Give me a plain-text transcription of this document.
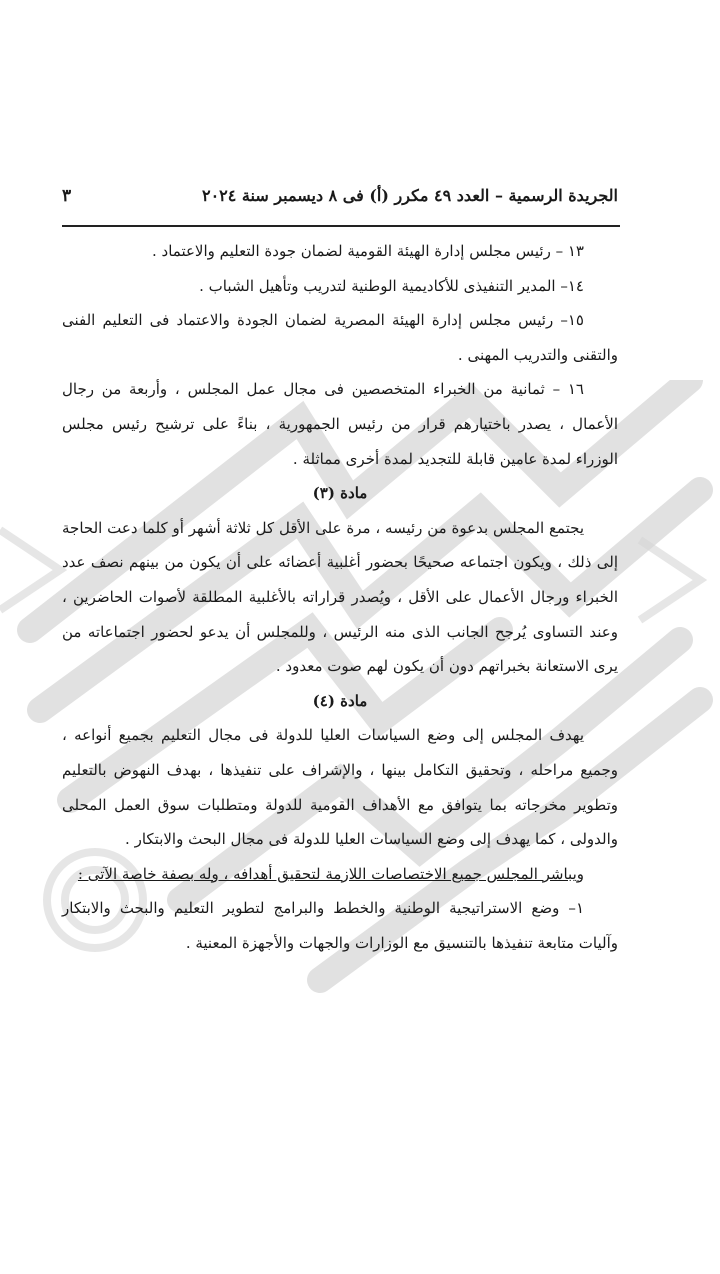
الجريدة الرسمية – العدد ٤٩ مكرر (أ) فى ٨ ديسمبر سنة ٢٠٢٤
٣

١٣ – رئيس مجلس إدارة الهيئة القومية لضمان جودة التعليم والاعتماد .

١٤– المدير التنفيذى للأكاديمية الوطنية لتدريب وتأهيل الشباب .

١٥– رئيس مجلس إدارة الهيئة المصرية لضمان الجودة والاعتماد فى التعليم الفنى والتقنى والتدريب المهنى .

١٦ – ثمانية من الخبراء المتخصصين فى مجال عمل المجلس ، وأربعة من رجال الأعمال ، يصدر باختيارهم قرار من رئيس الجمهورية ، بناءً على ترشيح رئيس مجلس الوزراء لمدة عامين قابلة للتجديد لمدة أخرى مماثلة .

مادة (٣)

يجتمع المجلس بدعوة من رئيسه ، مرة على الأقل كل ثلاثة أشهر أو كلما دعت الحاجة إلى ذلك ، ويكون اجتماعه صحيحًا بحضور أغلبية أعضائه على أن يكون من بينهم نصف عدد الخبراء ورجال الأعمال على الأقل ، ويُصدر قراراته بالأغلبية المطلقة لأصوات الحاضرين ، وعند التساوى يُرجح الجانب الذى منه الرئيس ، وللمجلس أن يدعو لحضور اجتماعاته من يرى الاستعانة بخبراتهم دون أن يكون لهم صوت معدود .

مادة (٤)

يهدف المجلس إلى وضع السياسات العليا للدولة فى مجال التعليم بجميع أنواعه ، وجميع مراحله ، وتحقيق التكامل بينها ، والإشراف على تنفيذها ، بهدف النهوض بالتعليم وتطوير مخرجاته بما يتوافق مع الأهداف القومية للدولة ومتطلبات سوق العمل المحلى والدولى ، كما يهدف إلى وضع السياسات العليا للدولة فى مجال البحث والابتكار .

ويباشر المجلس جميع الاختصاصات اللازمة لتحقيق أهدافه ، وله بصفة خاصة الآتى :

١– وضع الاستراتيجية الوطنية والخطط والبرامج لتطوير التعليم والبحث والابتكار وآليات متابعة تنفيذها بالتنسيق مع الوزارات والجهات والأجهزة المعنية .
